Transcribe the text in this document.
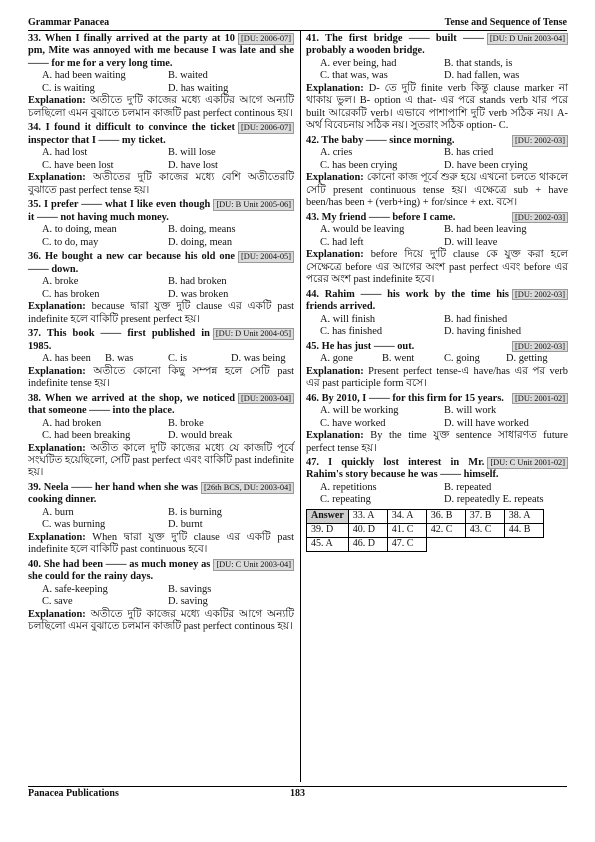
Grammar Panacea	Tense and Sequence of Tense
[DU: 2006-07]
33. When I finally arrived at the party at 10 pm, Mite was annoyed with me because I was late and she —— for me for a very long time.
A. had been waiting	B. waited
C. is waiting	D. has waiting
Explanation: অতীতে দু'টি কাজের মধ্যে একটির আগে অন্যটি চলছিলো এমন বুঝাতে চলমান কাজটি past perfect continous হয়।
[DU: 2006-07]
34. I found it difficult to convince the ticket inspector that I —— my ticket.
A. had lost	B. will lose
C. have been lost	D. have lost
Explanation: অতীতের দুটি কাজের মধ্যে বেশি অতীতেরটি বুঝাতে past perfect tense হয়।
[DU: B Unit 2005-06]
35. I prefer —— what I like even though it —— not having much money.
A. to doing, mean	B. doing, means
C. to do, may	D. doing, mean
[DU: 2004-05]
36. He bought a new car because his old one —— down.
A. broke	B. had broken
C. has broken	D. was broken
Explanation: because দ্বারা যুক্ত দুটি clause এর একটি past indefinite হলে বাকিটি present perfect হয়।
[DU: D Unit 2004-05]
37. This book —— first published in 1985.
A. has been	B. was	C. is	D. was being
Explanation: অতীতে কোনো কিছু সম্পন্ন হলে সেটি past indefinite tense হয়।
[DU: 2003-04]
38. When we arrived at the shop, we noticed that someone —— into the place.
A. had broken	B. broke
C. had been breaking	D. would break
Explanation: অতীত কালে দু'টি কাজের মধ্যে যে কাজটি পূর্বে সংঘটিত হয়েছিলো, সেটি past perfect এবং বাকিটি past indefinite হয়।
[26th BCS, DU: 2003-04]
39. Neela —— her hand when she was cooking dinner.
A. burn	B. is burning
C. was burning	D. burnt
Explanation: When দ্বারা যুক্ত দু'টি clause এর একটি past indefinite হলে বাকিটি past continuous হবে।
[DU: C Unit 2003-04]
40. She had been —— as much money as she could for the rainy days.
A. safe-keeping	B. savings
C. save	D. saving
Explanation: অতীতে দুটি কাজের মধ্যে একটির আগে অন্যটি চলছিলো এমন বুঝাতে চলমান কাজটি past perfect continous হয়।
[DU: D Unit 2003-04]
41. The first bridge —— built —— probably a wooden bridge.
A. ever being, had	B. that stands, is
C. that was, was	D. had fallen, was
Explanation: D- তে দুটি finite verb কিন্তু clause marker না থাকায় ভুল। B- option এ that- এর পরে stands verb যার পরে built আরেকটি verb। এভাবে পাশাপাশি দুটি verb সঠিক নয়। A- অর্থ বিবেচনায় সঠিক নয়। সুতরাং সঠিক option- C.
[DU: 2002-03]
42. The baby —— since morning.
A. cries	B. has cried
C. has been crying	D. have been crying
Explanation: কোনো কাজ পূর্বে শুরু হয়ে এখনো চলতে থাকলে সেটি present continuous tense হয়। এক্ষেত্রে sub + have been/has been + (verb+ing) + for/since + ext. বসে।
[DU: 2002-03]
43. My friend —— before I came.
A. would be leaving	B. had been leaving
C. had left	D. will leave
Explanation: before দিয়ে দু'টি clause কে যুক্ত করা হলে সেক্ষেত্রে before এর আগের অংশ past perfect এবং before এর পরের অংশ past indefinite হবে।
[DU: 2002-03]
44. Rahim —— his work by the time his friends arrived.
A. will finish	B. had finished
C. has finished	D. having finished
[DU: 2002-03]
45. He has just —— out.
A. gone	B. went	C. going	D. getting
Explanation: Present perfect tense-এ have/has এর পর verb এর past participle form বসে।
[DU: 2001-02]
46. By 2010, I —— for this firm for 15 years.
A. will be working	B. will work
C. have worked	D. will have worked
Explanation: By the time যুক্ত sentence সাধারণত future perfect tense হয়।
[DU: C Unit 2001-02]
47. I quickly lost interest in Mr. Rahim's story because he was —— himself.
A. repetitions	B. repeated
C. repeating	D. repeatedly E. repeats
Answer	33. A	34. A	36. B	37. B	38. A
39. D	40. D	41. C	42. C	43. C	44. B
45. A	46. D	47. C			
Panacea Publications	183
